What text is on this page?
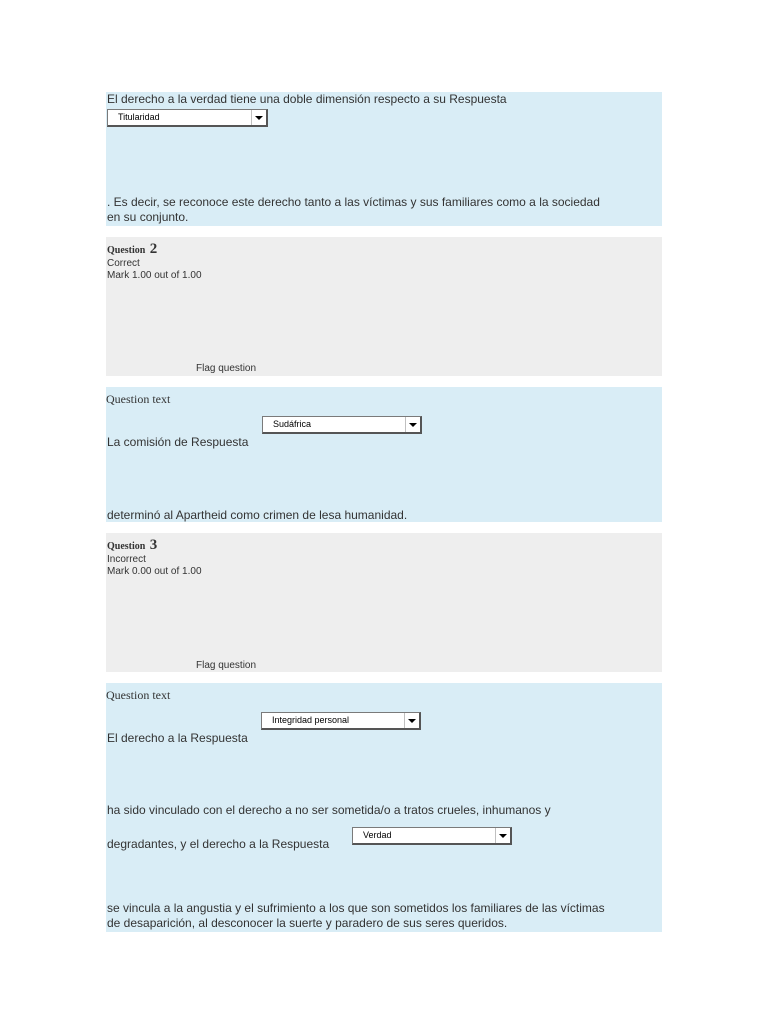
El derecho a la verdad tiene una doble dimensión respecto a su Respuesta
Titularidad
. Es decir, se reconoce este derecho tanto a las víctimas y sus familiares como a la sociedad
en su conjunto.
Question 2
Correct
Mark 1.00 out of 1.00
Flag question
Question text
Sudáfrica
La comisión de Respuesta
determinó al Apartheid como crimen de lesa humanidad.
Question 3
Incorrect
Mark 0.00 out of 1.00
Flag question
Question text
Integridad personal
El derecho a la Respuesta
ha sido vinculado con el derecho a no ser sometida/o a tratos crueles, inhumanos y
degradantes, y el derecho a la Respuesta
Verdad
se vincula a la angustia y el sufrimiento a los que son sometidos los familiares de las víctimas
de desaparición, al desconocer la suerte y paradero de sus seres queridos.
